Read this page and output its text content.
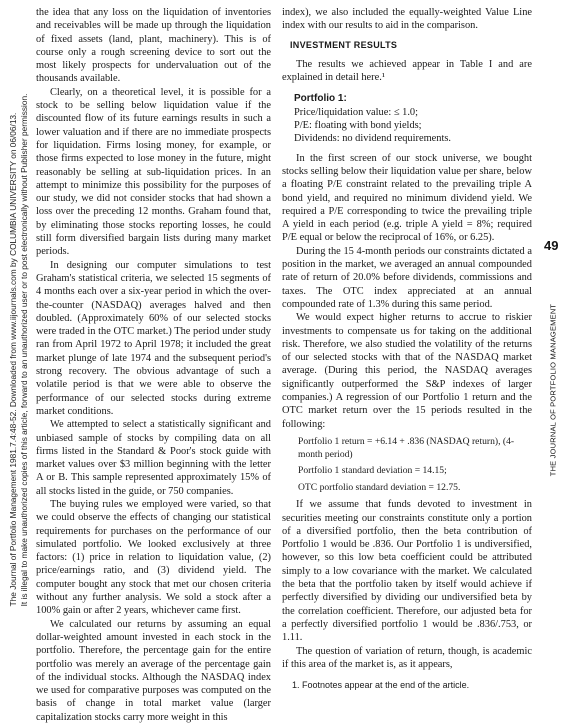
The Journal of Portfolio Management 1981.7.4:48-52. Downloaded from www.iijournals.com by COLUMBIA UNIVERSITY on 06/06/13. It is illegal to make unauthorized copies of this article, forward to an unauthorized user or to post electronically without Publisher permission.

the idea that any loss on the liquidation of inventories and receivables will be made up through the liquidation of fixed assets (land, plant, machinery). This is of course only a rough screening device to sort out the most likely prospects for undervaluation out of the thousands available.

Clearly, on a theoretical level, it is possible for a stock to be selling below liquidation value if the discounted flow of its future earnings results in such a lower valuation and if there are no immediate prospects for liquidation. Firms losing money, for example, or those firms expected to lose money in the future, might reasonably be selling at sub-liquidation prices. In an attempt to minimize this possibility for the purposes of our study, we did not consider stocks that had shown a loss over the preceding 12 months. Graham found that, by eliminating those stocks reporting losses, he could still form diversified bargain lists during many market periods.

In designing our computer simulations to test Graham's statistical criteria, we selected 15 segments of 4 months each over a six-year period in which the over-the-counter (NASDAQ) averages halved and then doubled. (Approximately 60% of our selected stocks were traded in the OTC market.) The period under study ran from April 1972 to April 1978; it included the great market plunge of late 1974 and the subsequent period's strong recovery. The obvious advantage of such a volatile period is that we were able to observe the performance of our selected stocks during extreme market conditions.

We attempted to select a statistically significant and unbiased sample of stocks by compiling data on all firms listed in the Standard & Poor's stock guide with market values over $3 million beginning with the letter A or B. This sample represented approximately 15% of all stocks listed in the guide, or 750 companies.

The buying rules we employed were varied, so that we could observe the effects of changing our statistical requirements for purchases on the performance of our simulated portfolio. We looked exclusively at three factors: (1) price in relation to liquidation value, (2) price/earnings ratio, and (3) dividend yield. The computer bought any stock that met our chosen criteria without any further analysis. We sold a stock after a 100% gain or after 2 years, whichever came first.

We calculated our returns by assuming an equal dollar-weighted amount invested in each stock in the portfolio. Therefore, the percentage gain for the entire portfolio was merely an average of the percentage gain of the individual stocks. Although the NASDAQ index we used for comparative purposes was computed on the basis of change in total market value (larger capitalization stocks carry more weight in this

index), we also included the equally-weighted Value Line index with our results to aid in the comparison.

INVESTMENT RESULTS

The results we achieved appear in Table I and are explained in detail here.¹

Portfolio 1:
Price/liquidation value: ≤ 1.0;
P/E: floating with bond yields;
Dividends: no dividend requirements.

In the first screen of our stock universe, we bought stocks selling below their liquidation value per share, below a floating P/E constraint related to the prevailing triple A bond yield, and required no minimum dividend yield. We required a P/E corresponding to twice the prevailing triple A yield in each period (e.g. triple A yield = 8%; required P/E equal or below the reciprocal of 16%, or 6.25).

During the 15 4-month periods our constraints dictated a position in the market, we averaged an annual compounded rate of return of 20.0% before dividends, commissions and taxes. The OTC index appreciated at an annual compounded rate of 1.3% during this same period.

We would expect higher returns to accrue to riskier investments to compensate us for taking on the additional risk. Therefore, we also studied the volatility of the returns of our selected stocks with that of the NASDAQ market average. (During this period, the NASDAQ averages significantly outperformed the S&P indexes of larger companies.) A regression of our Portfolio 1 return and the OTC market return over the 15 periods resulted in the following:

Portfolio 1 return = +6.14 + .836 (NASDAQ return), (4-month period)
Portfolio 1 standard deviation = 14.15;
OTC portfolio standard deviation = 12.75.

If we assume that funds devoted to investment in securities meeting our constraints constitute only a portion of a diversified portfolio, then the beta contribution of Portfolio 1 would be .836. Our Portfolio 1 is undiversified, however, so this low beta coefficient could be attributed simply to a low covariance with the market. We calculated the beta that the portfolio taken by itself would achieve if perfectly diversified by dividing our undiversified beta by the correlation coefficient. Therefore, our adjusted beta for a perfectly diversified portfolio 1 would be .836/.753, or 1.11.

The question of variation of return, though, is academic if this area of the market is, as it appears,

1. Footnotes appear at the end of the article.

49
THE JOURNAL OF PORTFOLIO MANAGEMENT
